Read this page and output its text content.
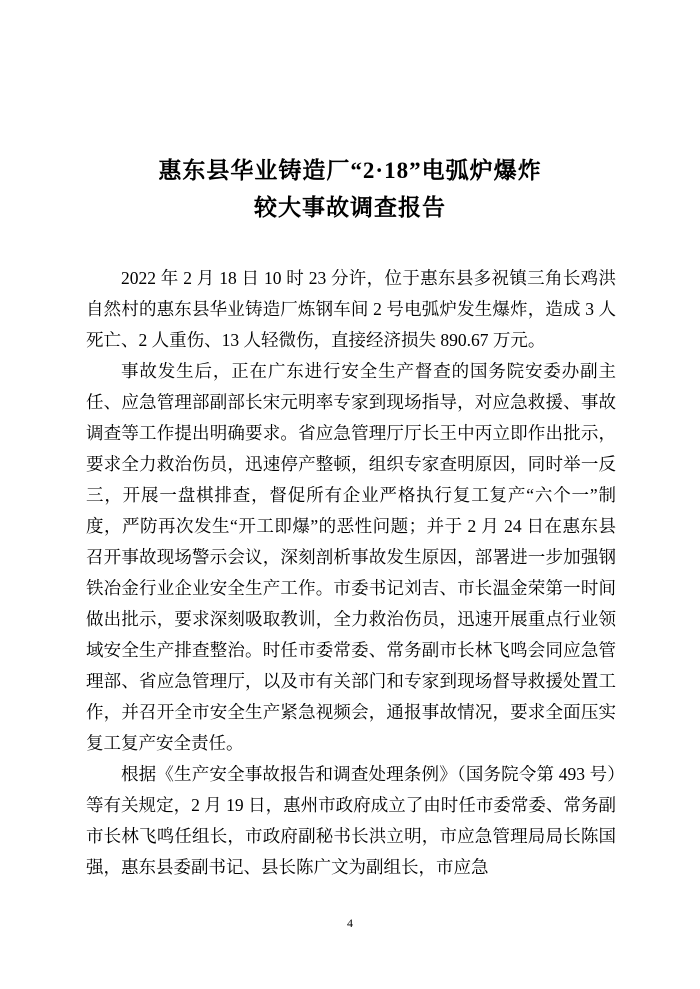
惠东县华业铸造厂“2·18”电弧炉爆炸
较大事故调查报告

2022 年 2 月 18 日 10 时 23 分许，位于惠东县多祝镇三角长鸡洪自然村的惠东县华业铸造厂炼钢车间 2 号电弧炉发生爆炸，造成 3 人死亡、2 人重伤、13 人轻微伤，直接经济损失 890.67 万元。

事故发生后，正在广东进行安全生产督查的国务院安委办副主任、应急管理部副部长宋元明率专家到现场指导，对应急救援、事故调查等工作提出明确要求。省应急管理厅厅长王中丙立即作出批示，要求全力救治伤员，迅速停产整顿，组织专家查明原因，同时举一反三，开展一盘棋排查，督促所有企业严格执行复工复产“六个一”制度，严防再次发生“开工即爆”的恶性问题；并于 2 月 24 日在惠东县召开事故现场警示会议，深刻剖析事故发生原因，部署进一步加强钢铁冶金行业企业安全生产工作。市委书记刘吉、市长温金荣第一时间做出批示，要求深刻吸取教训，全力救治伤员，迅速开展重点行业领域安全生产排查整治。时任市委常委、常务副市长林飞鸣会同应急管理部、省应急管理厅，以及市有关部门和专家到现场督导救援处置工作，并召开全市安全生产紧急视频会，通报事故情况，要求全面压实复工复产安全责任。

根据《生产安全事故报告和调查处理条例》（国务院令第 493 号）等有关规定，2 月 19 日，惠州市政府成立了由时任市委常委、常务副市长林飞鸣任组长，市政府副秘书长洪立明，市应急管理局局长陈国强，惠东县委副书记、县长陈广文为副组长，市应急

4
